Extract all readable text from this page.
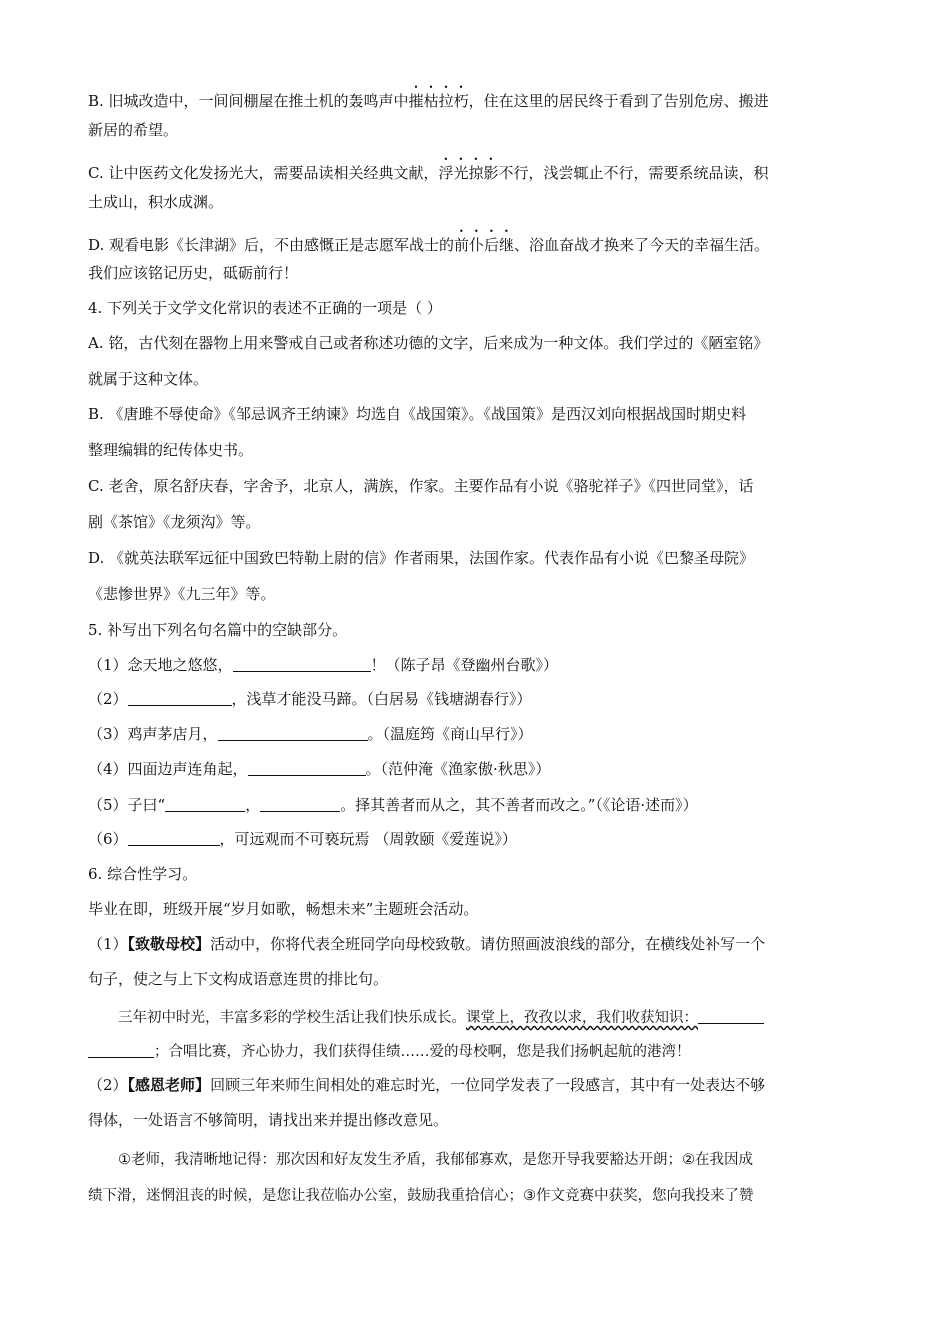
B. 旧城改造中，一间间棚屋在推土机的轰鸣声中摧枯拉朽，住在这里的居民终于看到了告别危房、搬进
新居的希望。
C. 让中医药文化发扬光大，需要品读相关经典文献，浮光掠影不行，浅尝辄止不行，需要系统品读，积
土成山，积水成渊。
D. 观看电影《长津湖》后，不由感慨正是志愿军战士的前仆后继、浴血奋战才换来了今天的幸福生活。
我们应该铭记历史，砥砺前行！
4. 下列关于文学文化常识的表述不正确的一项是（ ）
A. 铭，古代刻在器物上用来警戒自己或者称述功德的文字，后来成为一种文体。我们学过的《陋室铭》
就属于这种文体。
B. 《唐雎不辱使命》《邹忌讽齐王纳谏》均选自《战国策》。《战国策》是西汉刘向根据战国时期史料
整理编辑的纪传体史书。
C. 老舍，原名舒庆春，字舍予，北京人，满族，作家。主要作品有小说《骆驼祥子》《四世同堂》，话
剧《茶馆》《龙须沟》等。
D. 《就英法联军远征中国致巴特勒上尉的信》作者雨果，法国作家。代表作品有小说《巴黎圣母院》
《悲惨世界》《九三年》等。
5. 补写出下列名句名篇中的空缺部分。
（1）念天地之悠悠，	！（陈子昂《登幽州台歌》）
（2）	，浅草才能没马蹄。（白居易《钱塘湖春行》）
（3）鸡声茅店月，	。（温庭筠《商山早行》）
（4）四面边声连角起，	。（范仲淹《渔家傲·秋思》）
（5）子曰“	，	。择其善者而从之，其不善者而改之。”（《论语·述而》）
（6）	，可远观而不可亵玩焉 （周敦颐《爱莲说》）
6. 综合性学习。
毕业在即，班级开展“岁月如歌，畅想未来”主题班会活动。
（1）【致敬母校】活动中，你将代表全班同学向母校致敬。请仿照画波浪线的部分，在横线处补写一个
句子，使之与上下文构成语意连贯的排比句。
三年初中时光，丰富多彩的学校生活让我们快乐成长。课堂上，孜孜以求，我们收获知识：
；合唱比赛，齐心协力，我们获得佳绩……爱的母校啊，您是我们扬帆起航的港湾！
（2）【感恩老师】回顾三年来师生间相处的难忘时光，一位同学发表了一段感言，其中有一处表达不够
得体，一处语言不够简明，请找出来并提出修改意见。
①老师，我清晰地记得：那次因和好友发生矛盾，我郁郁寡欢，是您开导我要豁达开朗；②在我因成
绩下滑，迷惘沮丧的时候，是您让我莅临办公室，鼓励我重拾信心；③作文竞赛中获奖，您向我投来了赞
